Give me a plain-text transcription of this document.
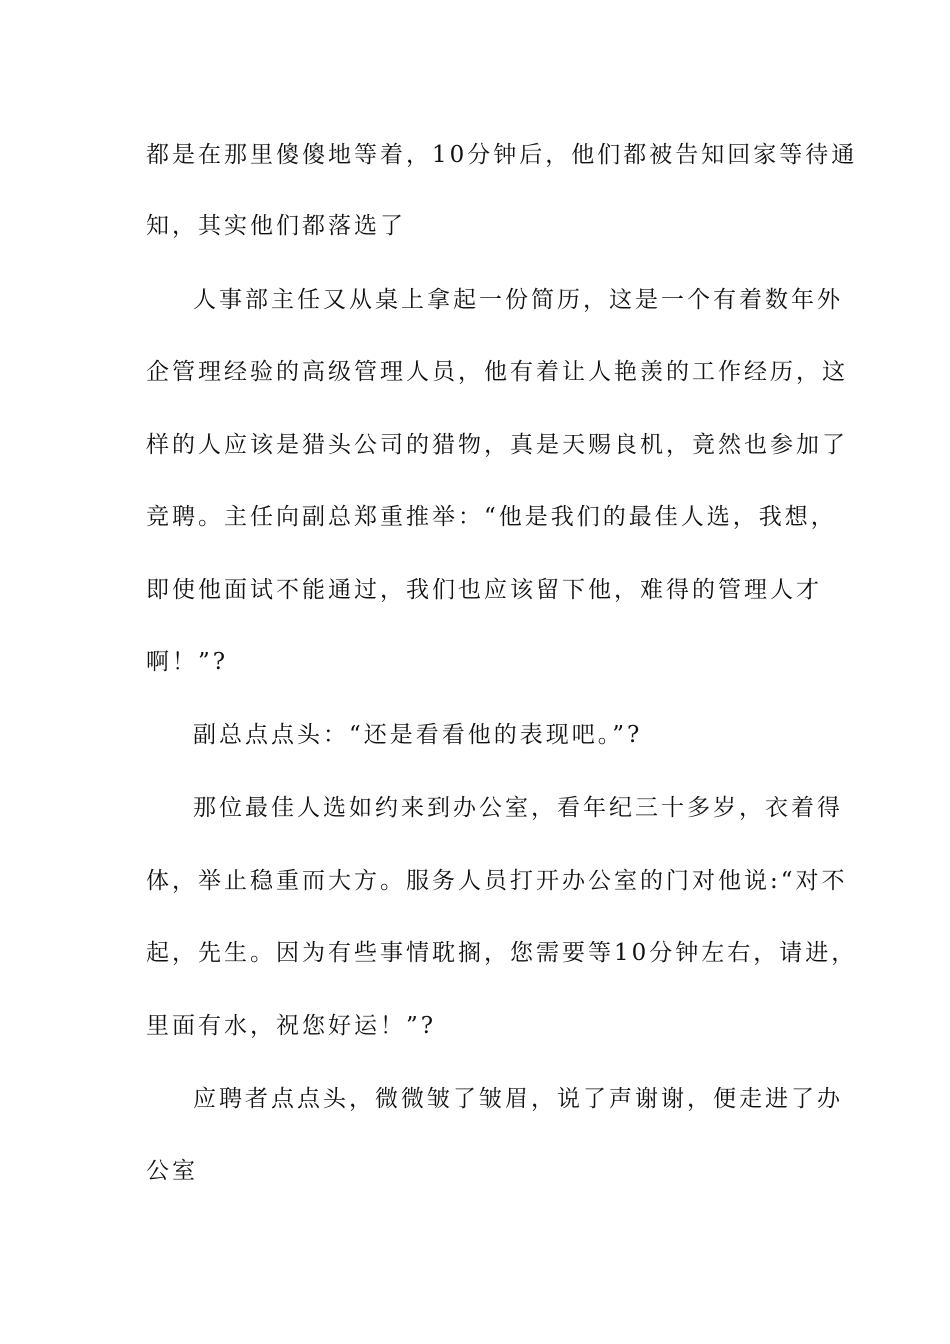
都是在那里傻傻地等着，10分钟后，他们都被告知回家等待通

知，其实他们都落选了

人事部主任又从桌上拿起一份简历，这是一个有着数年外

企管理经验的高级管理人员，他有着让人艳羡的工作经历，这

样的人应该是猎头公司的猎物，真是天赐良机，竟然也参加了

竞聘。主任向副总郑重推举：“他是我们的最佳人选，我想，

即使他面试不能通过，我们也应该留下他，难得的管理人才

啊！”?

副总点点头：“还是看看他的表现吧。”?

那位最佳人选如约来到办公室，看年纪三十多岁，衣着得

体，举止稳重而大方。服务人员打开办公室的门对他说:“对不

起，先生。因为有些事情耽搁，您需要等10分钟左右，请进，

里面有水，祝您好运！”?

应聘者点点头，微微皱了皱眉，说了声谢谢，便走进了办

公室
